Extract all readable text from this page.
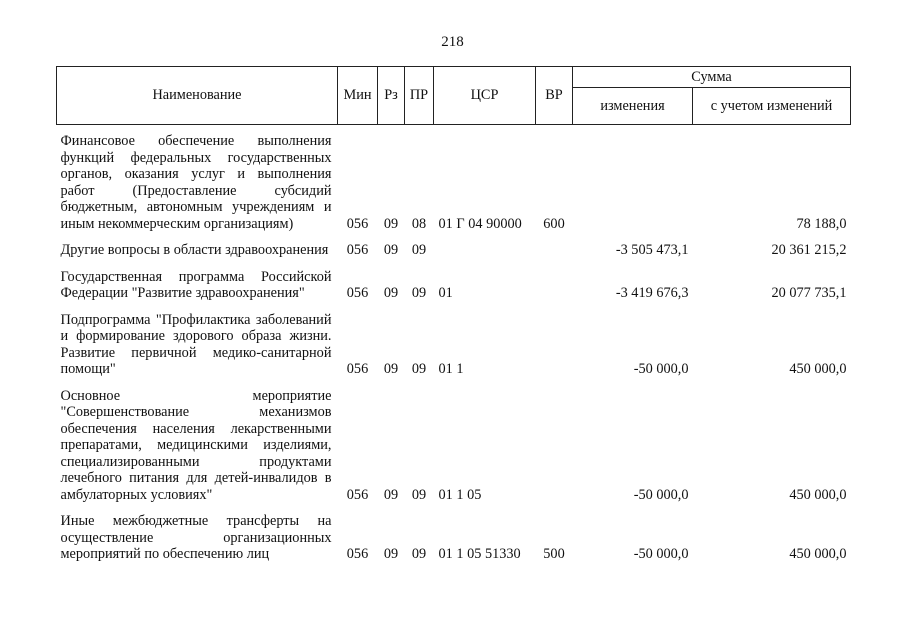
218
Наименование	Мин	Рз	ПР	ЦСР	ВР	Сумма	
						изменения	с учетом изменений

Финансовое обеспечение выполнения функций федеральных государственных органов, оказания услуг и выполнения работ (Предоставление субсидий бюджетным, автономным учреждениям и иным некоммерческим организациям)	056	09	08	01 Г 04 90000	600		78 188,0

Другие вопросы в области здравоохранения	056	09	09			-3 505 473,1	20 361 215,2

Государственная программа Российской Федерации "Развитие здравоохранения"	056	09	09	01		-3 419 676,3	20 077 735,1

Подпрограмма "Профилактика заболеваний и формирование здорового образа жизни. Развитие первичной медико-санитарной помощи"	056	09	09	01 1		-50 000,0	450 000,0

Основное мероприятие "Совершенствование механизмов обеспечения населения лекарственными препаратами, медицинскими изделиями, специализированными продуктами лечебного питания для детей-инвалидов в амбулаторных условиях"	056	09	09	01 1 05		-50 000,0	450 000,0

Иные межбюджетные трансферты на осуществление организационных мероприятий по обеспечению лиц	056	09	09	01 1 05 51330	500	-50 000,0	450 000,0
